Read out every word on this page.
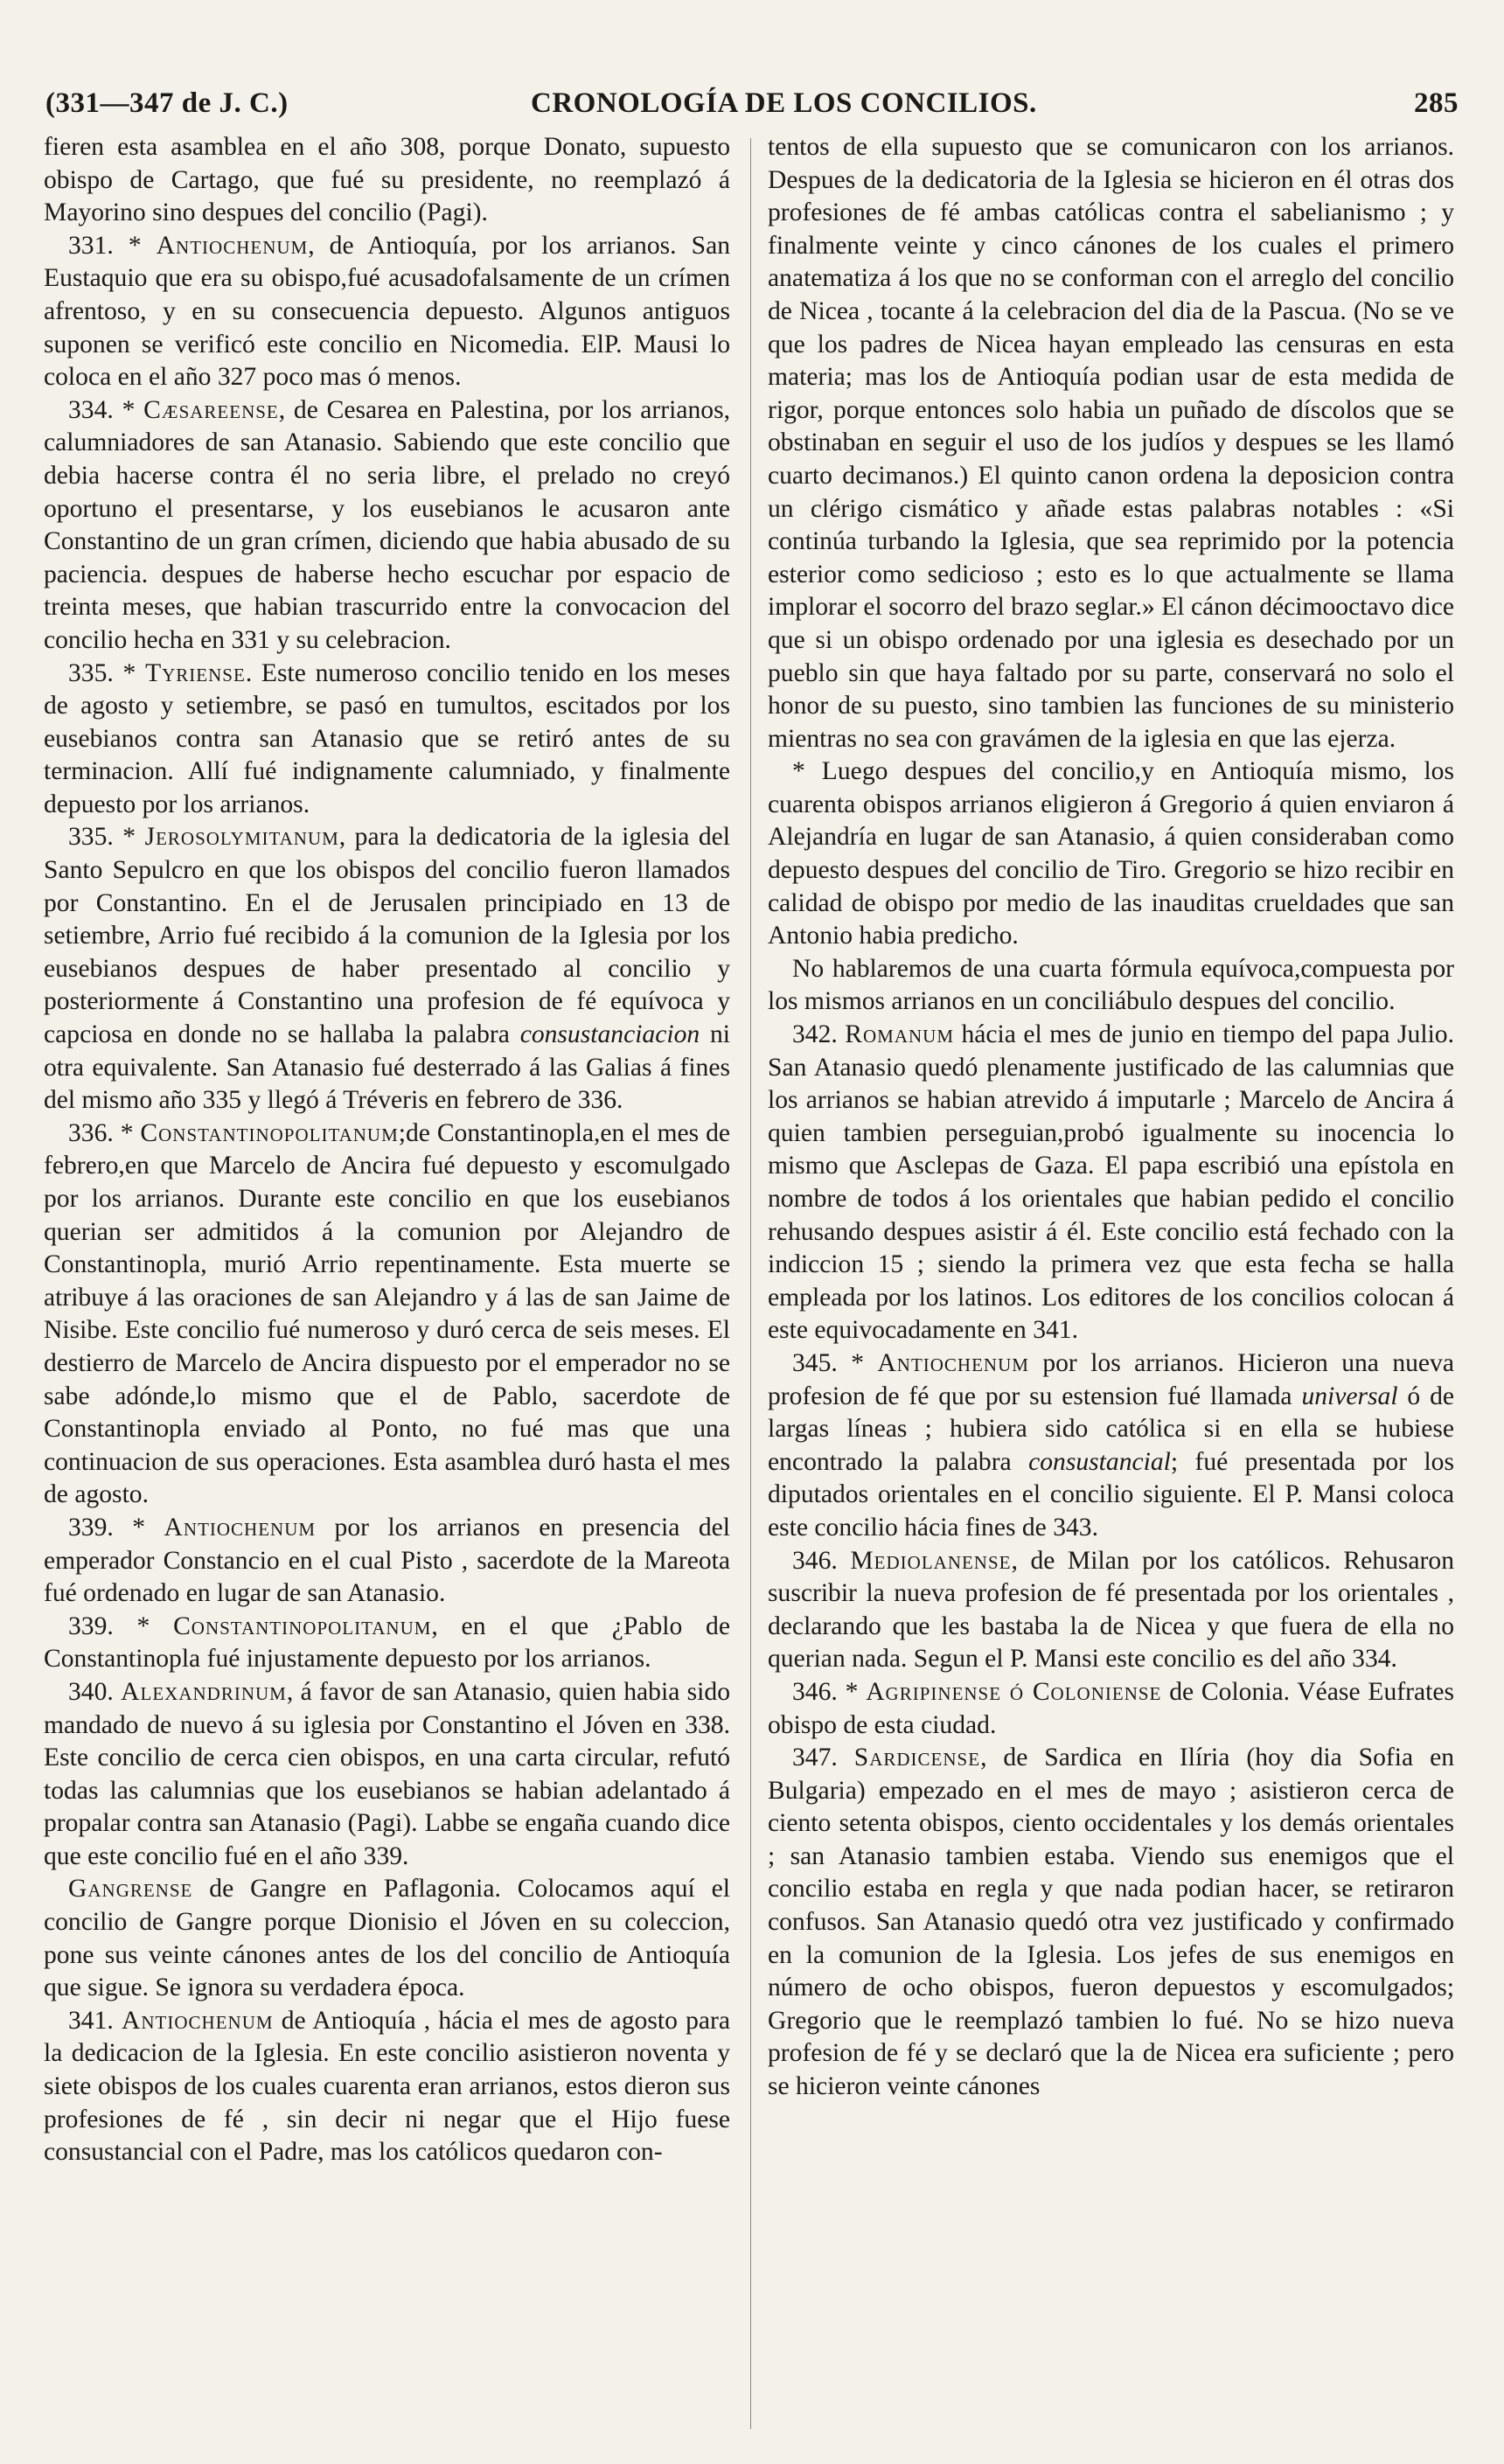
(331—347 de J. C.)	CRONOLOGÍA DE LOS CONCILIOS.	285

fieren esta asamblea en el año 308, porque Donato, supuesto obispo de Cartago, que fué su presidente, no reemplazó á Mayorino sino despues del concilio (Pagi).

331. * Antiochenum, de Antioquía, por los arrianos. San Eustaquio que era su obispo,fué acusadofalsamente de un crímen afrentoso, y en su consecuencia depuesto. Algunos antiguos suponen se verificó este concilio en Nicomedia. ElP. Mausi lo coloca en el año 327 poco mas ó menos.

334. * Cæsareense, de Cesarea en Palestina, por los arrianos, calumniadores de san Atanasio. Sabiendo que este concilio que debia hacerse contra él no seria libre, el prelado no creyó oportuno el presentarse, y los eusebianos le acusaron ante Constantino de un gran crímen, diciendo que habia abusado de su paciencia. despues de haberse hecho escuchar por espacio de treinta meses, que habian trascurrido entre la convocacion del concilio hecha en 331 y su celebracion.

335. * Tyriense. Este numeroso concilio tenido en los meses de agosto y setiembre, se pasó en tumultos, escitados por los eusebianos contra san Atanasio que se retiró antes de su terminacion. Allí fué indignamente calumniado, y finalmente depuesto por los arrianos.

335. * Jerosolymitanum, para la dedicatoria de la iglesia del Santo Sepulcro en que los obispos del concilio fueron llamados por Constantino. En el de Jerusalen principiado en 13 de setiembre, Arrio fué recibido á la comunion de la Iglesia por los eusebianos despues de haber presentado al concilio y posteriormente á Constantino una profesion de fé equívoca y capciosa en donde no se hallaba la palabra consustanciacion ni otra equivalente. San Atanasio fué desterrado á las Galias á fines del mismo año 335 y llegó á Tréveris en febrero de 336.

336. * Constantinopolitanum;de Constantinopla,en el mes de febrero,en que Marcelo de Ancira fué depuesto y escomulgado por los arrianos. Durante este concilio en que los eusebianos querian ser admitidos á la comunion por Alejandro de Constantinopla, murió Arrio repentinamente. Esta muerte se atribuye á las oraciones de san Alejandro y á las de san Jaime de Nisibe. Este concilio fué numeroso y duró cerca de seis meses. El destierro de Marcelo de Ancira dispuesto por el emperador no se sabe adónde,lo mismo que el de Pablo, sacerdote de Constantinopla enviado al Ponto, no fué mas que una continuacion de sus operaciones. Esta asamblea duró hasta el mes de agosto.

339. * Antiochenum por los arrianos en presencia del emperador Constancio en el cual Pisto , sacerdote de la Mareota fué ordenado en lugar de san Atanasio.

339. * Constantinopolitanum, en el que ¿Pablo de Constantinopla fué injustamente depuesto por los arrianos.

340. Alexandrinum, á favor de san Atanasio, quien habia sido mandado de nuevo á su iglesia por Constantino el Jóven en 338. Este concilio de cerca cien obispos, en una carta circular, refutó todas las calumnias que los eusebianos se habian adelantado á propalar contra san Atanasio (Pagi). Labbe se engaña cuando dice que este concilio fué en el año 339.

Gangrense de Gangre en Paflagonia. Colocamos aquí el concilio de Gangre porque Dionisio el Jóven en su coleccion, pone sus veinte cánones antes de los del concilio de Antioquía que sigue. Se ignora su verdadera época.

341. Antiochenum de Antioquía , hácia el mes de agosto para la dedicacion de la Iglesia. En este concilio asistieron noventa y siete obispos de los cuales cuarenta eran arrianos, estos dieron sus profesiones de fé , sin decir ni negar que el Hijo fuese consustancial con el Padre, mas los católicos quedaron con-

tentos de ella supuesto que se comunicaron con los arrianos. Despues de la dedicatoria de la Iglesia se hicieron en él otras dos profesiones de fé ambas católicas contra el sabelianismo ; y finalmente veinte y cinco cánones de los cuales el primero anatematiza á los que no se conforman con el arreglo del concilio de Nicea , tocante á la celebracion del dia de la Pascua. (No se ve que los padres de Nicea hayan empleado las censuras en esta materia; mas los de Antioquía podian usar de esta medida de rigor, porque entonces solo habia un puñado de díscolos que se obstinaban en seguir el uso de los judíos y despues se les llamó cuarto decimanos.) El quinto canon ordena la deposicion contra un clérigo cismático y añade estas palabras notables : «Si continúa turbando la Iglesia, que sea reprimido por la potencia esterior como sedicioso ; esto es lo que actualmente se llama implorar el socorro del brazo seglar.» El cánon décimooctavo dice que si un obispo ordenado por una iglesia es desechado por un pueblo sin que haya faltado por su parte, conservará no solo el honor de su puesto, sino tambien las funciones de su ministerio mientras no sea con gravámen de la iglesia en que las ejerza.

* Luego despues del concilio,y en Antioquía mismo, los cuarenta obispos arrianos eligieron á Gregorio á quien enviaron á Alejandría en lugar de san Atanasio, á quien consideraban como depuesto despues del concilio de Tiro. Gregorio se hizo recibir en calidad de obispo por medio de las inauditas crueldades que san Antonio habia predicho.

No hablaremos de una cuarta fórmula equívoca,compuesta por los mismos arrianos en un conciliábulo despues del concilio.

342. Romanum hácia el mes de junio en tiempo del papa Julio. San Atanasio quedó plenamente justificado de las calumnias que los arrianos se habian atrevido á imputarle ; Marcelo de Ancira á quien tambien perseguian,probó igualmente su inocencia lo mismo que Asclepas de Gaza. El papa escribió una epístola en nombre de todos á los orientales que habian pedido el concilio rehusando despues asistir á él. Este concilio está fechado con la indiccion 15 ; siendo la primera vez que esta fecha se halla empleada por los latinos. Los editores de los concilios colocan á este equivocadamente en 341.

345. * Antiochenum por los arrianos. Hicieron una nueva profesion de fé que por su estension fué llamada universal ó de largas líneas ; hubiera sido católica si en ella se hubiese encontrado la palabra consustancial; fué presentada por los diputados orientales en el concilio siguiente. El P. Mansi coloca este concilio hácia fines de 343.

346. Mediolanense, de Milan por los católicos. Rehusaron suscribir la nueva profesion de fé presentada por los orientales , declarando que les bastaba la de Nicea y que fuera de ella no querian nada. Segun el P. Mansi este concilio es del año 334.

346. * Agripinense ó Coloniense de Colonia. Véase Eufrates obispo de esta ciudad.

347. Sardicense, de Sardica en Ilíria (hoy dia Sofia en Bulgaria) empezado en el mes de mayo ; asistieron cerca de ciento setenta obispos, ciento occidentales y los demás orientales ; san Atanasio tambien estaba. Viendo sus enemigos que el concilio estaba en regla y que nada podian hacer, se retiraron confusos. San Atanasio quedó otra vez justificado y confirmado en la comunion de la Iglesia. Los jefes de sus enemigos en número de ocho obispos, fueron depuestos y escomulgados; Gregorio que le reemplazó tambien lo fué. No se hizo nueva profesion de fé y se declaró que la de Nicea era suficiente ; pero se hicieron veinte cánones
